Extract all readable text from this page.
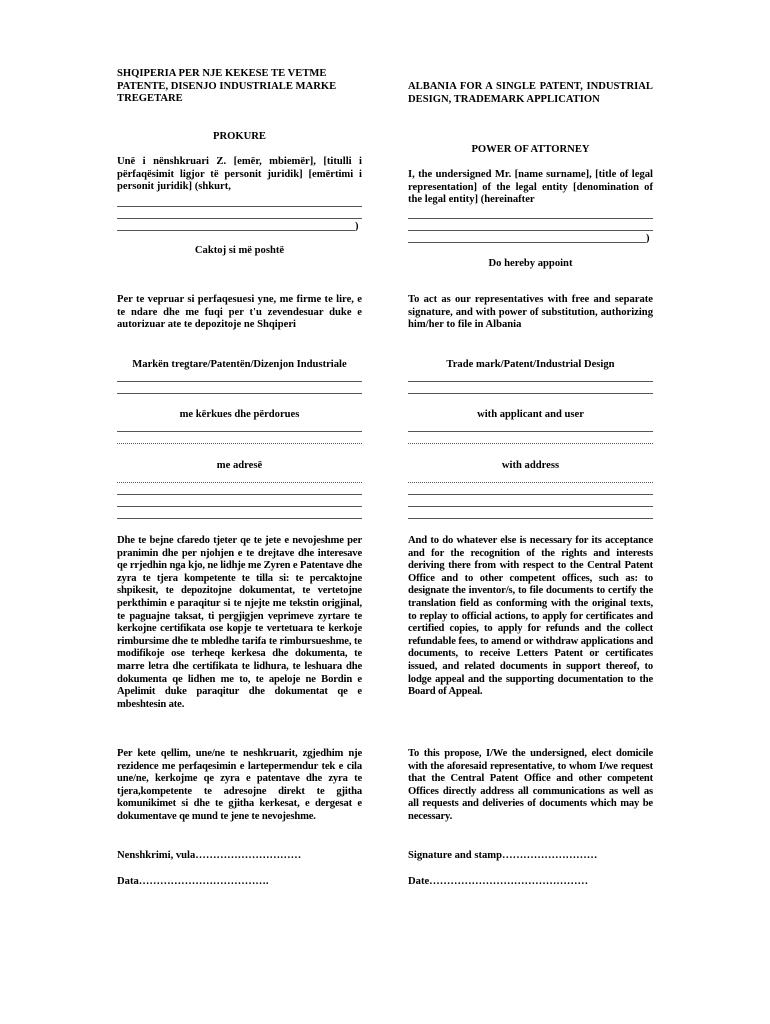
SHQIPERIA PER NJE KEKESE TE VETME PATENTE, DISENJO INDUSTRIALE MARKE TREGETARE

PROKURE

Unë i nënshkruari Z. [emër, mbiemër], [titulli i përfaqësimit ligjor të personit juridik] [emërtimi i personit juridik] (shkurt,

)

Caktoj si më poshtë

Per te vepruar si perfaqesuesi yne, me firme te lire, e te ndare dhe me fuqi per t'u zevendesuar duke e autorizuar ate te depozitoje ne Shqiperi

Markën tregtare/Patentën/Dizenjon Industriale

me kërkues dhe përdorues

me adresë

Dhe te bejne cfaredo tjeter qe te jete e nevojeshme per pranimin dhe per njohjen e te drejtave dhe interesave qe rrjedhin nga kjo, ne lidhje me Zyren e Patentave dhe zyra te tjera kompetente te tilla si: te percaktojne shpikesit, te depozitojne dokumentat, te vertetojne perkthimin e paraqitur si te njejte me tekstin origjinal, te paguajne taksat, ti pergjigjen veprimeve zyrtare te kerkojne certifikata ose kopje te vertetuara te kerkoje rimbursime dhe te mbledhe tarifa te rimbursueshme, te modifikoje ose terheqe kerkesa dhe dokumenta, te marre letra dhe certifikata te lidhura, te leshuara dhe dokumenta qe lidhen me to, te apeloje ne Bordin e Apelimit duke paraqitur dhe dokumentat qe e mbeshtesin ate.

Per kete qellim, une/ne te neshkruarit, zgjedhim nje rezidence me perfaqesimin e lartepermendur tek e cila une/ne, kerkojme qe zyra e patentave dhe zyra te tjera,kompetente te adresojne direkt te gjitha komunikimet si dhe te gjitha kerkesat, e dergesat e dokumentave qe mund te jene te nevojeshme.

Nenshkrimi, vula…………………………

Data……………………………….

ALBANIA FOR A SINGLE PATENT, INDUSTRIAL DESIGN, TRADEMARK APPLICATION

POWER OF ATTORNEY

I, the undersigned Mr. [name surname], [title of legal representation] of the legal entity [denomination of the legal entity] (hereinafter

)

Do hereby appoint

To act as our representatives with free and separate signature, and with power of substitution, authorizing him/her to file in Albania

Trade mark/Patent/Industrial Design

with applicant and user

with address

And to do whatever else is necessary for its acceptance and for the recognition of the rights and interests deriving there from with respect to the Central Patent Office and to other competent offices, such as: to designate the inventor/s, to file documents to certify the translation field as conforming with the original texts, to replay to official actions, to apply for certificates and certified copies, to apply for refunds and the collect refundable fees, to amend or withdraw applications and documents, to receive Letters Patent or certificates issued, and related documents in support thereof, to lodge appeal and the supporting documentation to the Board of Appeal.

To this propose, I/We the undersigned, elect domicile with the aforesaid representative, to whom I/we request that the Central Patent Office and other competent Offices directly address all communications as well as all requests and deliveries of documents which may be necessary.

Signature and stamp………………………

Date………………………………………
